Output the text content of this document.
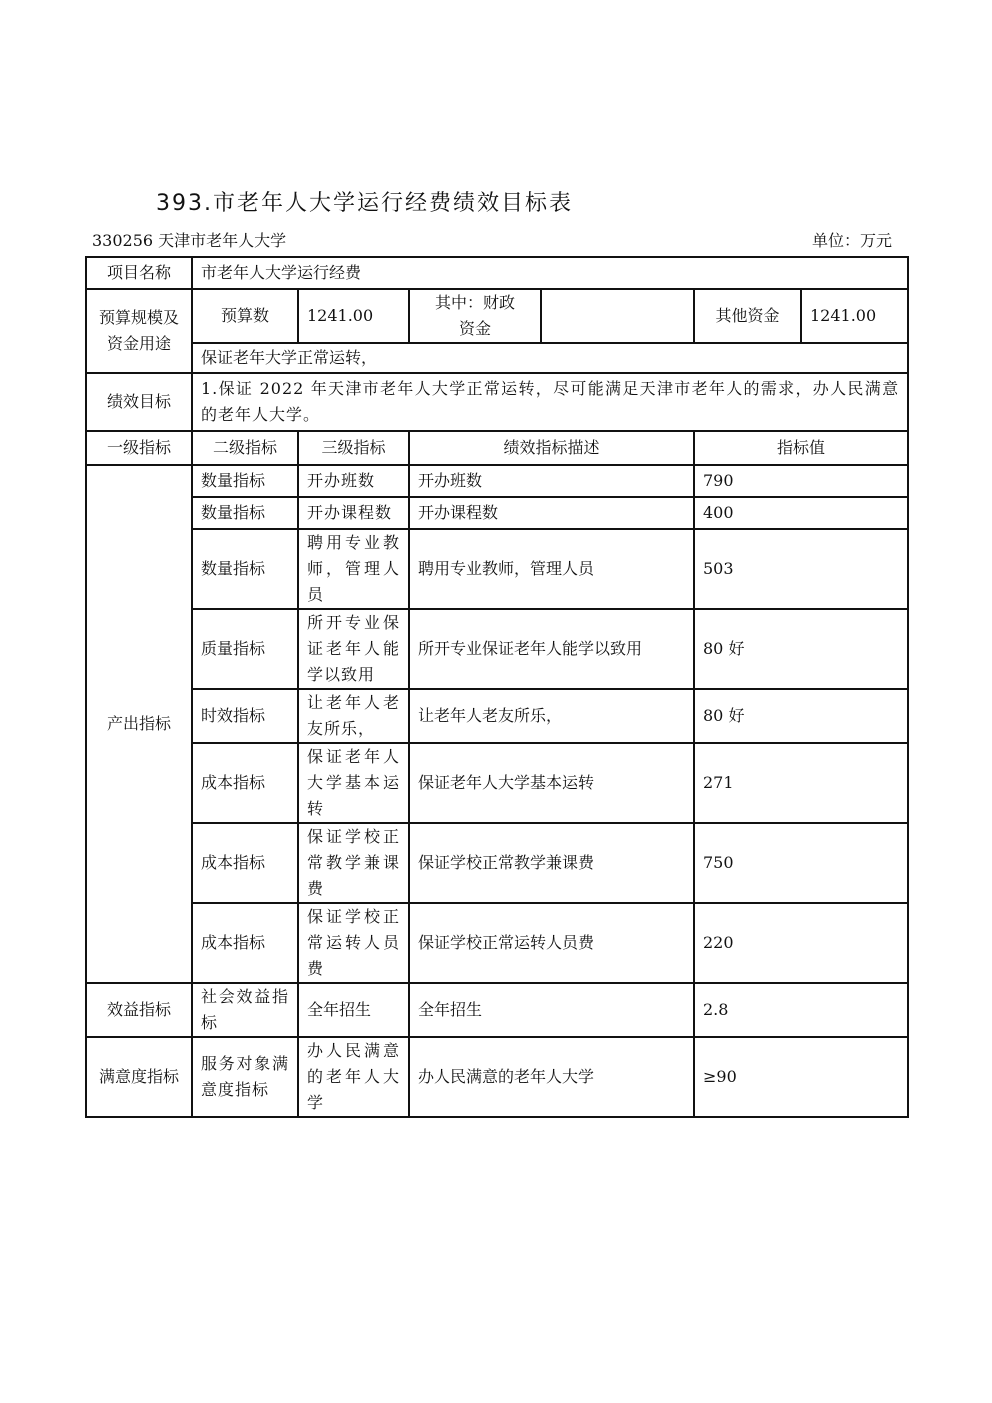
393.市老年人大学运行经费绩效目标表
330256 天津市老年人大学	单位：万元
项目名称	市老年人大学运行经费					
预算规模及资金用途	预算数	1241.00	其中：财政资金		其他资金	1241.00
	保证老年大学正常运转，					
绩效目标	1.保证 2022 年天津市老年人大学正常运转，尽可能满足天津市老年人的需求，办人民满意的老年人大学。					
一级指标	二级指标	三级指标	绩效指标描述		指标值	
产出指标	数量指标	开办班数	开办班数		790	
	数量指标	开办课程数	开办课程数		400	
	数量指标	聘用专业教师，管理人员	聘用专业教师，管理人员		503	
	质量指标	所开专业保证老年人能学以致用	所开专业保证老年人能学以致用		80 好	
	时效指标	让老年人老友所乐，	让老年人老友所乐，		80 好	
	成本指标	保证老年人大学基本运转	保证老年人大学基本运转		271	
	成本指标	保证学校正常教学兼课费	保证学校正常教学兼课费		750	
	成本指标	保证学校正常运转人员费	保证学校正常运转人员费		220	
效益指标	社会效益指标	全年招生	全年招生		2.8	
满意度指标	服务对象满意度指标	办人民满意的老年人大学	办人民满意的老年人大学		≥90	
